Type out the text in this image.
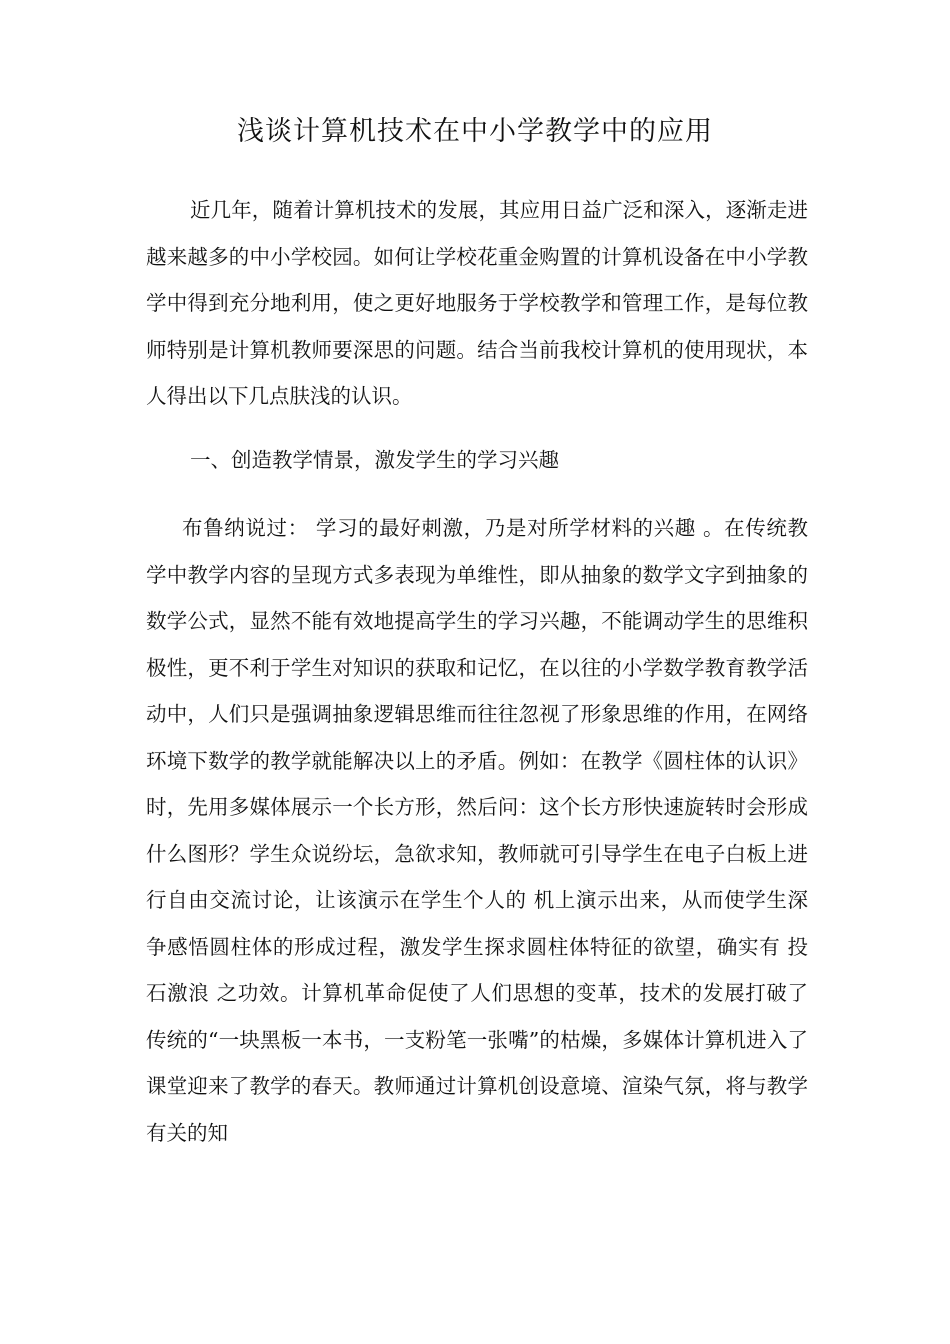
浅谈计算机技术在中小学教学中的应用

近几年，随着计算机技术的发展，其应用日益广泛和深入，逐渐走进越来越多的中小学校园。如何让学校花重金购置的计算机设备在中小学教学中得到充分地利用，使之更好地服务于学校教学和管理工作，是每位教师特别是计算机教师要深思的问题。结合当前我校计算机的使用现状，本人得出以下几点肤浅的认识。

一、创造教学情景，激发学生的学习兴趣

布鲁纳说过： 学习的最好刺激，乃是对所学材料的兴趣 。在传统教学中教学内容的呈现方式多表现为单维性，即从抽象的数学文字到抽象的数学公式，显然不能有效地提高学生的学习兴趣，不能调动学生的思维积极性，更不利于学生对知识的获取和记忆，在以往的小学数学教育教学活动中，人们只是强调抽象逻辑思维而往往忽视了形象思维的作用，在网络环境下数学的教学就能解决以上的矛盾。例如：在教学《圆柱体的认识》时，先用多媒体展示一个长方形，然后问：这个长方形快速旋转时会形成什么图形？学生众说纷坛，急欲求知，教师就可引导学生在电子白板上进行自由交流讨论，让该演示在学生个人的 机上演示出来，从而使学生深争感悟圆柱体的形成过程，激发学生探求圆柱体特征的欲望，确实有 投石激浪 之功效。计算机革命促使了人们思想的变革，技术的发展打破了传统的“一块黑板一本书，一支粉笔一张嘴”的枯燥，多媒体计算机进入了课堂迎来了教学的春天。教师通过计算机创设意境、渲染气氛，将与教学有关的知
